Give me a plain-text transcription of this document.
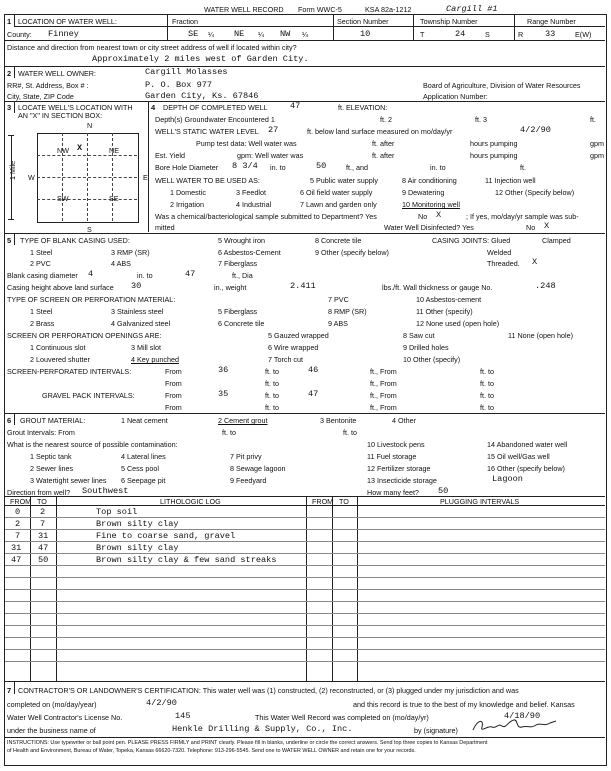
WATER WELL RECORD Form WWC-5	KSA 82a-1212	Cargill #1
1 LOCATION OF WATER WELL:	Fraction	Section Number	Township Number	Range Number
County: Finney	SE ¼ NE ¼ NW ¼	10	T	24	S	R	33	E(W)
Distance and direction from nearest town or city street address of well if located within city?
Approximately 2 miles west of Garden City.
2 WATER WELL OWNER:	Cargill Molasses
RR#, St. Address, Box # :	P. O. Box 977	Board of Agriculture, Division of Water Resources
City, State, ZIP Code	Garden City, Ks. 67846	Application Number:
3 LOCATE WELL'S LOCATION WITH
AN "X" IN SECTION BOX:
N
S
W	E
1 Mile
NW X	NE
SW	SE
4 DEPTH OF COMPLETED WELL	47	ft. ELEVATION:
Depth(s) Groundwater Encountered 1	ft. 2	ft. 3	ft.
WELL'S STATIC WATER LEVEL 27	ft. below land surface measured on mo/day/yr	4/2/90
Pump test data: Well water was	ft. after	hours pumping	gpm
Est. Yield	gpm: Well water was	ft. after	hours pumping	gpm
Bore Hole Diameter 8 3/4 in. to	50	ft., and	in. to	ft.
WELL WATER TO BE USED AS:	5 Public water supply	8 Air conditioning	11 Injection well
1 Domestic	3 Feedlot	6 Oil field water supply	9 Dewatering	12 Other (Specify below)
2 Irrigation	4 Industrial	7 Lawn and garden only	10 Monitoring well
Was a chemical/bacteriological sample submitted to Department? Yes	No X	; If yes, mo/day/yr sample was sub-
mitted	Water Well Disinfected? Yes	No X
5 TYPE OF BLANK CASING USED:	5 Wrought iron	8 Concrete tile	CASING JOINTS: Glued	Clamped
1 Steel	3 RMP (SR)	6 Asbestos-Cement	9 Other (specify below)	Welded
2 PVC	4 ABS	7 Fiberglass	Threaded. X
Blank casing diameter 4	in. to	47	ft., Dia
Casing height above land surface 30	in., weight	2.411	lbs./ft. Wall thickness or gauge No.	.248
TYPE OF SCREEN OR PERFORATION MATERIAL:	7 PVC	10 Asbestos-cement
1 Steel	3 Stainless steel	5 Fiberglass	8 RMP (SR)	11 Other (specify)
2 Brass	4 Galvanized steel	6 Concrete tile	9 ABS	12 None used (open hole)
SCREEN OR PERFORATION OPENINGS ARE:	5 Gauzed wrapped	8 Saw cut	11 None (open hole)
1 Continuous slot	3 Mill slot	6 Wire wrapped	9 Drilled holes
2 Louvered shutter	4 Key punched	7 Torch cut	10 Other (specify)
SCREEN-PERFORATED INTERVALS:	From	36	ft. to	46	ft., From	ft. to
From	ft. to	ft., From	ft. to
GRAVEL PACK INTERVALS:	From	35	ft. to	47	ft., From	ft. to
From	ft. to	ft., From	ft. to
6 GROUT MATERIAL:	1 Neat cement	2 Cement grout	3 Bentonite	4 Other
Grout Intervals: From	ft. to	ft. to
What is the nearest source of possible contamination:	10 Livestock pens	14 Abandoned water well
1 Septic tank	4 Lateral lines	7 Pit privy	11 Fuel storage	15 Oil well/Gas well
2 Sewer lines	5 Cess pool	8 Sewage lagoon	12 Fertilizer storage	16 Other (specify below)
3 Watertight sewer lines 6 Seepage pit	9 Feedyard	13 Insecticide storage	Lagoon
Direction from well? Southwest	How many feet? 50
FROM TO	LITHOLOGIC LOG	FROM TO	PLUGGING INTERVALS
0 2	Top soil
2 7	Brown silty clay
7 31	Fine to coarse sand, gravel
31 47	Brown silty clay
47 50	Brown silty clay & few sand streaks
7 CONTRACTOR'S OR LANDOWNER'S CERTIFICATION: This water well was (1) constructed, (2) reconstructed, or (3) plugged under my jurisdiction and was
completed on (mo/day/year)	4/2/90	and this record is true to the best of my knowledge and belief. Kansas
Water Well Contractor's License No.	145	This Water Well Record was completed on (mo/day/yr)	4/18/90
under the business name of	Henkle Drilling & Supply, Co., Inc.	by (signature)
INSTRUCTIONS: Use typewriter or ball point pen. PLEASE PRESS FIRMLY and PRINT clearly. Please fill in blanks, underline or circle the correct answers. Send top three copies to Kansas Department
of Health and Environment, Bureau of Water, Topeka, Kansas 66620-7320. Telephone: 913-296-5545. Send one to WATER WELL OWNER and retain one for your records.
